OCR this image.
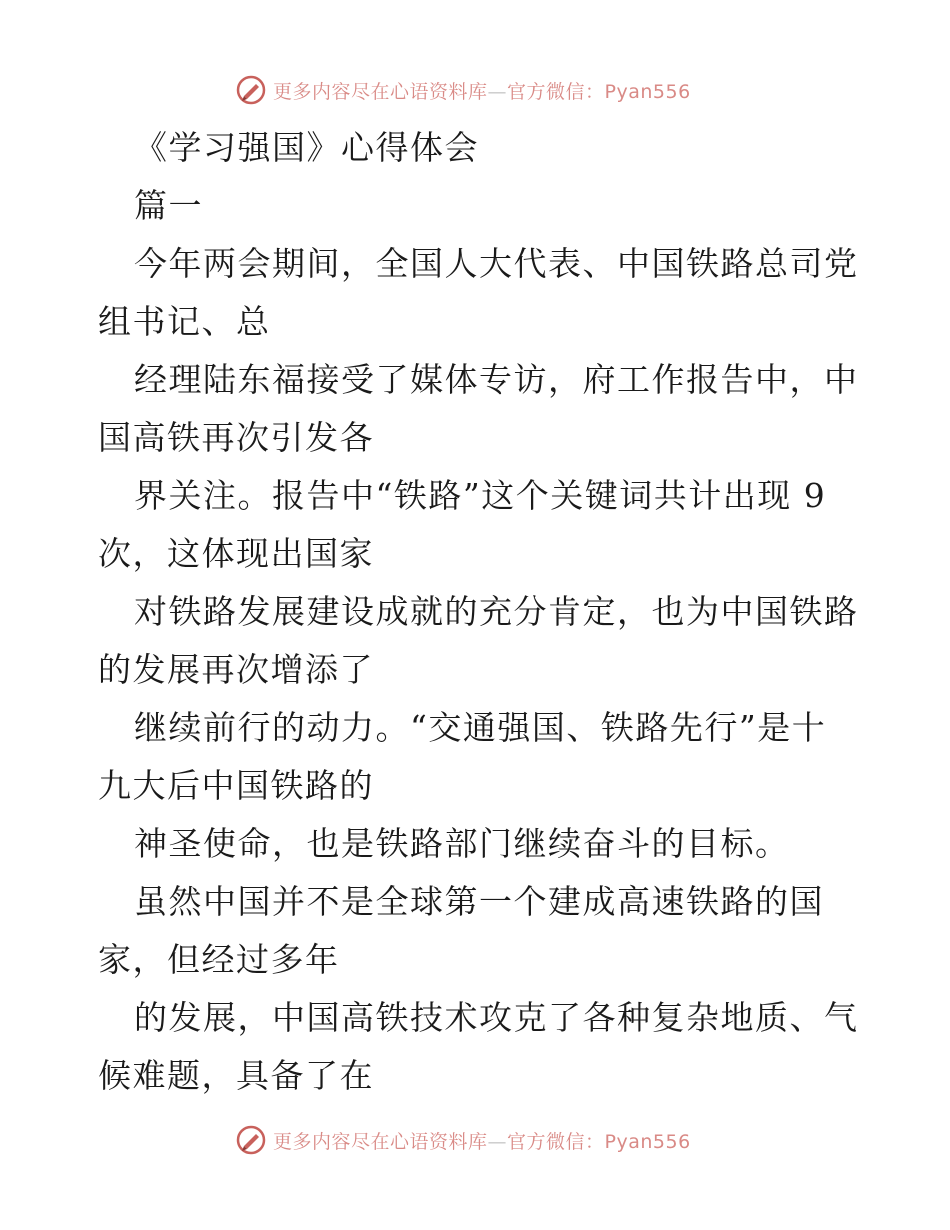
更多内容尽在心语资料库—官方微信：Pyan556
《学习强国》心得体会
篇一
今年两会期间，全国人大代表、中国铁路总司党
组书记、总
经理陆东福接受了媒体专访，府工作报告中，中
国高铁再次引发各
界关注。报告中“铁路”这个关键词共计出现 9
次，这体现出国家
对铁路发展建设成就的充分肯定，也为中国铁路
的发展再次增添了
继续前行的动力。“交通强国、铁路先行”是十
九大后中国铁路的
神圣使命，也是铁路部门继续奋斗的目标。
虽然中国并不是全球第一个建成高速铁路的国
家，但经过多年
的发展，中国高铁技术攻克了各种复杂地质、气
候难题，具备了在
更多内容尽在心语资料库—官方微信：Pyan556
